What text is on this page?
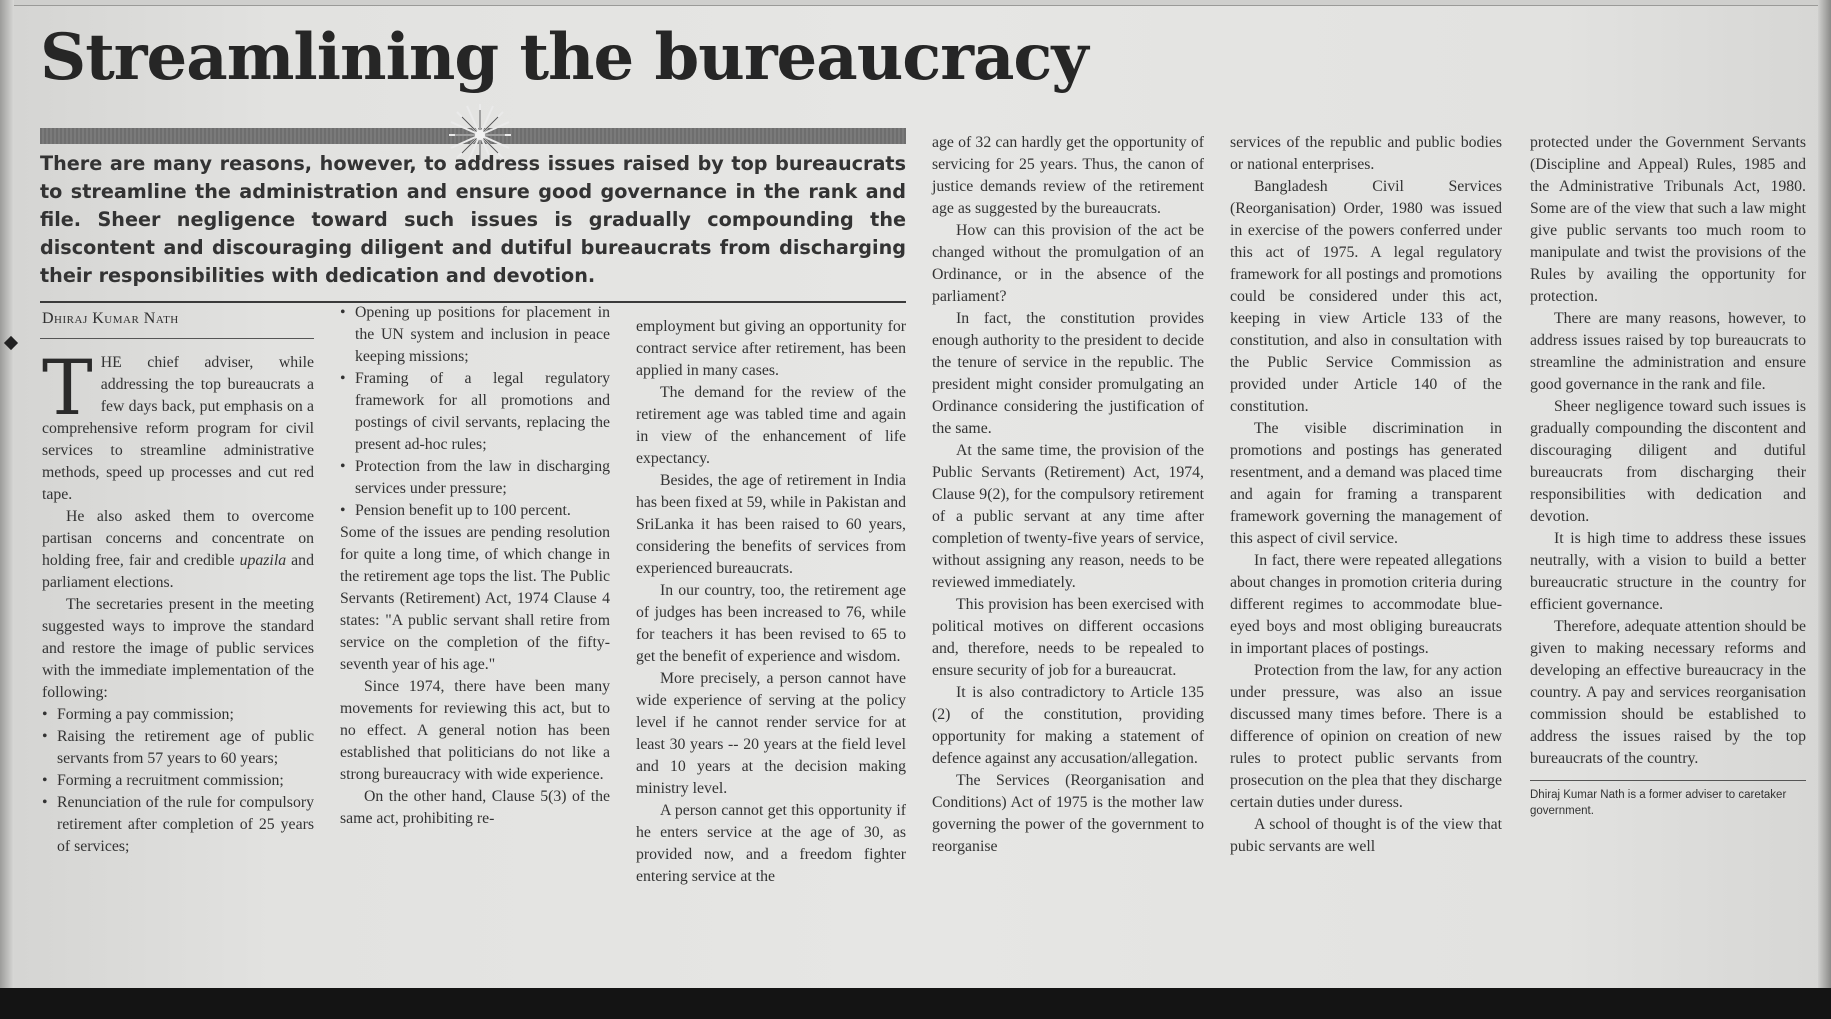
Streamlining the bureaucracy

There are many reasons, however, to address issues raised by top bureaucrats to streamline the administration and ensure good governance in the rank and file. Sheer negligence toward such issues is gradually compounding the discontent and discouraging diligent and dutiful bureaucrats from discharging their responsibilities with dedication and devotion.

Dhiraj Kumar Nath

THE chief adviser, while addressing the top bureaucrats a few days back, put emphasis on a comprehensive reform program for civil services to streamline administrative methods, speed up processes and cut red tape.

He also asked them to overcome partisan concerns and concentrate on holding free, fair and credible upazila and parliament elections.

The secretaries present in the meeting suggested ways to improve the standard and restore the image of public services with the immediate implementation of the following:

• Forming a pay commission;
• Raising the retirement age of public servants from 57 years to 60 years;
• Forming a recruitment commission;
• Renunciation of the rule for compulsory retirement after completion of 25 years of services;
• Opening up positions for placement in the UN system and inclusion in peace keeping missions;
• Framing of a legal regulatory framework for all promotions and postings of civil servants, replacing the present ad-hoc rules;
• Protection from the law in discharging services under pressure;
• Pension benefit up to 100 percent.

Some of the issues are pending resolution for quite a long time, of which change in the retirement age tops the list. The Public Servants (Retirement) Act, 1974 Clause 4 states: "A public servant shall retire from service on the completion of the fifty-seventh year of his age."

Since 1974, there have been many movements for reviewing this act, but to no effect. A general notion has been established that politicians do not like a strong bureaucracy with wide experience.

On the other hand, Clause 5(3) of the same act, prohibiting re-

employment but giving an opportunity for contract service after retirement, has been applied in many cases.

The demand for the review of the retirement age was tabled time and again in view of the enhancement of life expectancy.

Besides, the age of retirement in India has been fixed at 59, while in Pakistan and SriLanka it has been raised to 60 years, considering the benefits of services from experienced bureaucrats.

In our country, too, the retirement age of judges has been increased to 76, while for teachers it has been revised to 65 to get the benefit of experience and wisdom.

More precisely, a person cannot have wide experience of serving at the policy level if he cannot render service for at least 30 years -- 20 years at the field level and 10 years at the decision making ministry level.

A person cannot get this opportunity if he enters service at the age of 30, as provided now, and a freedom fighter entering service at the

age of 32 can hardly get the opportunity of servicing for 25 years. Thus, the canon of justice demands review of the retirement age as suggested by the bureaucrats.

How can this provision of the act be changed without the promulgation of an Ordinance, or in the absence of the parliament?

In fact, the constitution provides enough authority to the president to decide the tenure of service in the republic. The president might consider promulgating an Ordinance considering the justification of the same.

At the same time, the provision of the Public Servants (Retirement) Act, 1974, Clause 9(2), for the compulsory retirement of a public servant at any time after completion of twenty-five years of service, without assigning any reason, needs to be reviewed immediately.

This provision has been exercised with political motives on different occasions and, therefore, needs to be repealed to ensure security of job for a bureaucrat.

It is also contradictory to Article 135 (2) of the constitution, providing opportunity for making a statement of defence against any accusation/allegation.

The Services (Reorganisation and Conditions) Act of 1975 is the mother law governing the power of the government to reorganise

services of the republic and public bodies or national enterprises.

Bangladesh Civil Services (Reorganisation) Order, 1980 was issued in exercise of the powers conferred under this act of 1975. A legal regulatory framework for all postings and promotions could be considered under this act, keeping in view Article 133 of the constitution, and also in consultation with the Public Service Commission as provided under Article 140 of the constitution.

The visible discrimination in promotions and postings has generated resentment, and a demand was placed time and again for framing a transparent framework governing the management of this aspect of civil service.

In fact, there were repeated allegations about changes in promotion criteria during different regimes to accommodate blue-eyed boys and most obliging bureaucrats in important places of postings.

Protection from the law, for any action under pressure, was also an issue discussed many times before. There is a difference of opinion on creation of new rules to protect public servants from prosecution on the plea that they discharge certain duties under duress.

A school of thought is of the view that pubic servants are well

protected under the Government Servants (Discipline and Appeal) Rules, 1985 and the Administrative Tribunals Act, 1980. Some are of the view that such a law might give public servants too much room to manipulate and twist the provisions of the Rules by availing the opportunity for protection.

There are many reasons, however, to address issues raised by top bureaucrats to streamline the administration and ensure good governance in the rank and file.

Sheer negligence toward such issues is gradually compounding the discontent and discouraging diligent and dutiful bureaucrats from discharging their responsibilities with dedication and devotion.

It is high time to address these issues neutrally, with a vision to build a better bureaucratic structure in the country for efficient governance.

Therefore, adequate attention should be given to making necessary reforms and developing an effective bureaucracy in the country. A pay and services reorganisation commission should be established to address the issues raised by the top bureaucrats of the country.

Dhiraj Kumar Nath is a former adviser to caretaker government.
